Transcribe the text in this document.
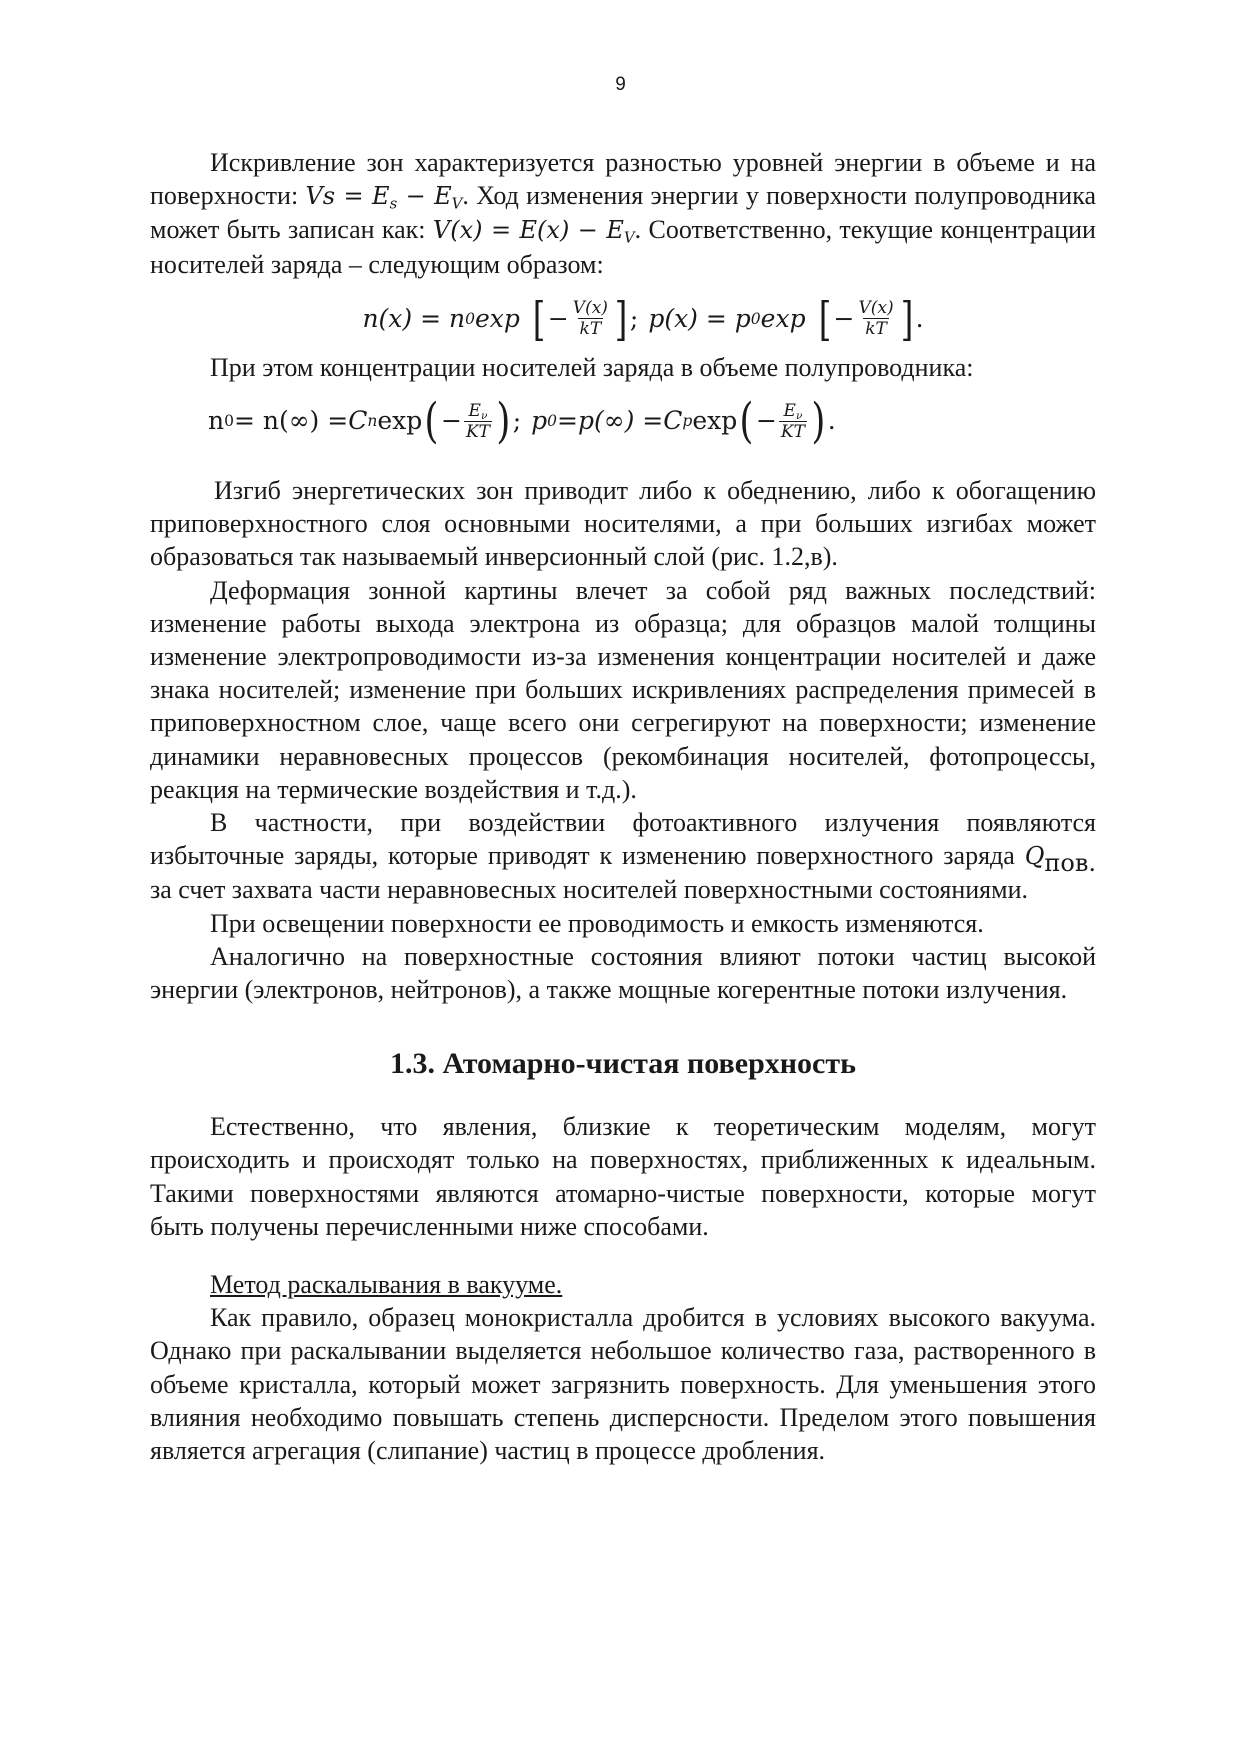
9

Искривление зон характеризуется разностью уровней энергии в объеме и на поверхности: $Vs = E_s - E_V$. Ход изменения энергии у поверхности полупроводника может быть записан как: $V(x) = E(x) - E_V$. Соответственно, текущие концентрации носителей заряда – следующим образом:

n(x) = n 0 exp [ − $\frac{V(x)}{kT}$ ] ; p(x) = p 0 exp [ − $\frac{V(x)}{kT}$ ] .

При этом концентрации носителей заряда в объеме полупроводника:

n 0 = n(∞) = C n exp ( − $\frac{E_\nu}{KT}$ ) ; p 0 = p(∞) = C p exp ( − $\frac{E_\nu}{KT}$ ) .

Изгиб энергетических зон приводит либо к обеднению, либо к обогащению приповерхностного слоя основными носителями, а при больших изгибах может образоваться так называемый инверсионный слой (рис. 1.2,в).

Деформация зонной картины влечет за собой ряд важных последствий: изменение работы выхода электрона из образца; для образцов малой толщины изменение электропроводимости из-за изменения концентрации носителей и даже знака носителей; изменение при больших искривлениях распределения примесей в приповерхностном слое, чаще всего они сегрегируют на поверхности; изменение динамики неравновесных процессов (рекомбинация носителей, фотопроцессы, реакция на термические воздействия и т.д.).

В частности, при воздействии фотоактивного излучения появляются избыточные заряды, которые приводят к изменению поверхностного заряда $Q_{пов.}$ за счет захвата части неравновесных носителей поверхностными состояниями.

При освещении поверхности ее проводимость и емкость изменяются.

Аналогично на поверхностные состояния влияют потоки частиц высокой энергии (электронов, нейтронов), а также мощные когерентные потоки излучения.

1.3. Атомарно-чистая поверхность

Естественно, что явления, близкие к теоретическим моделям, могут происходить и происходят только на поверхностях, приближенных к идеальным. Такими поверхностями являются атомарно-чистые поверхности, которые могут быть получены перечисленными ниже способами.

Метод раскалывания в вакууме.

Как правило, образец монокристалла дробится в условиях высокого вакуума. Однако при раскалывании выделяется небольшое количество газа, растворенного в объеме кристалла, который может загрязнить поверхность. Для уменьшения этого влияния необходимо повышать степень дисперсности. Пределом этого повышения является агрегация (слипание) частиц в процессе дробления.
